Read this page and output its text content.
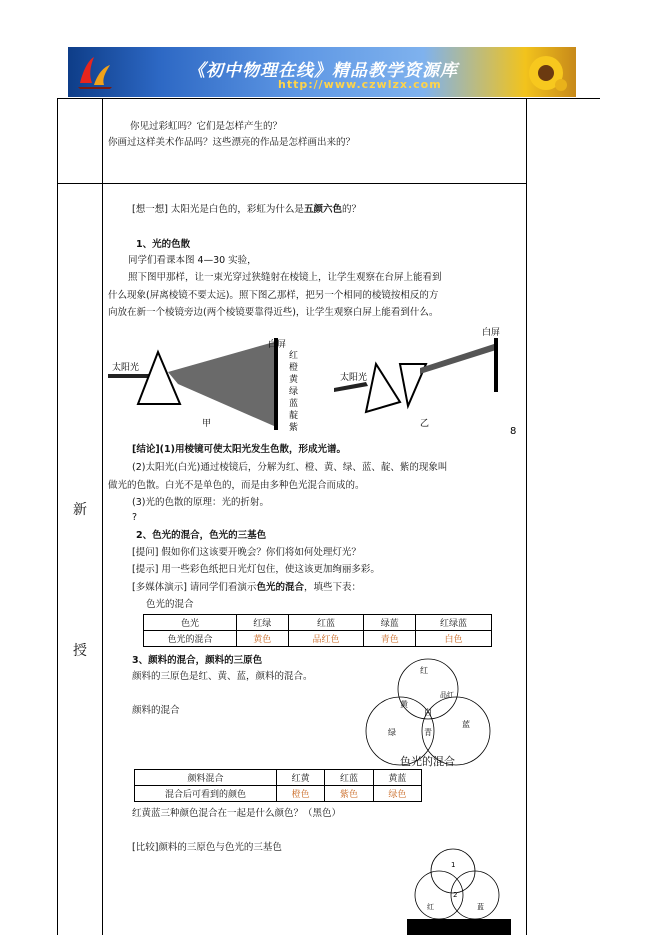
《初中物理在线》精品教学资源库
http://www.czwlzx.com
你见过彩虹吗？它们是怎样产生的？
你画过这样美术作品吗？这些漂亮的作品是怎样画出来的？
新
授
[想一想] 太阳光是白色的，彩虹为什么是五颜六色的？
1、光的色散
同学们看课本图 4—30 实验，
照下图甲那样，让一束光穿过狭缝射在棱镜上，让学生观察在台屏上能看到
什么现象(屏离棱镜不要太远)。照下图乙那样，把另一个相同的棱镜按相反的方
向放在新一个棱镜旁边(两个棱镜要靠得近些)，让学生观察白屏上能看到什么。
太阳光
白屏
红
橙
黄
绿
蓝
靛
紫
甲
太阳光
白屏
乙
8
[结论](1)用棱镜可使太阳光发生色散，形成光谱。
(2)太阳光(白光)通过棱镜后，分解为红、橙、黄、绿、蓝、靛、紫的现象叫
做光的色散。白光不是单色的，而是由多种色光混合而成的。
(3)光的色散的原理：光的折射。
?
2、色光的混合，色光的三基色
[提问] 假如你们这该要开晚会？你们将如何处理灯光？
[提示] 用一些彩色纸把日光灯包住，使这该更加绚丽多彩。
[多媒体演示] 请同学们看演示色光的混合，填些下表：
色光的混合
色光	红绿	红蓝	绿蓝	红绿蓝
色光的混合	黄色	品红色	青色	白色
3、颜料的混合，颜料的三原色
颜料的三原色是红、黄、蓝，颜料的混合。
颜料的混合
红
品红
黄
白
蓝
绿	青
色光的混合
颜料混合	红黄	红蓝	黄蓝
混合后可看到的颜色	橙色	紫色	绿色
红黄蓝三种颜色混合在一起是什么颜色？（黑色）
[比较]颜料的三原色与色光的三基色
1
2
红	蓝
